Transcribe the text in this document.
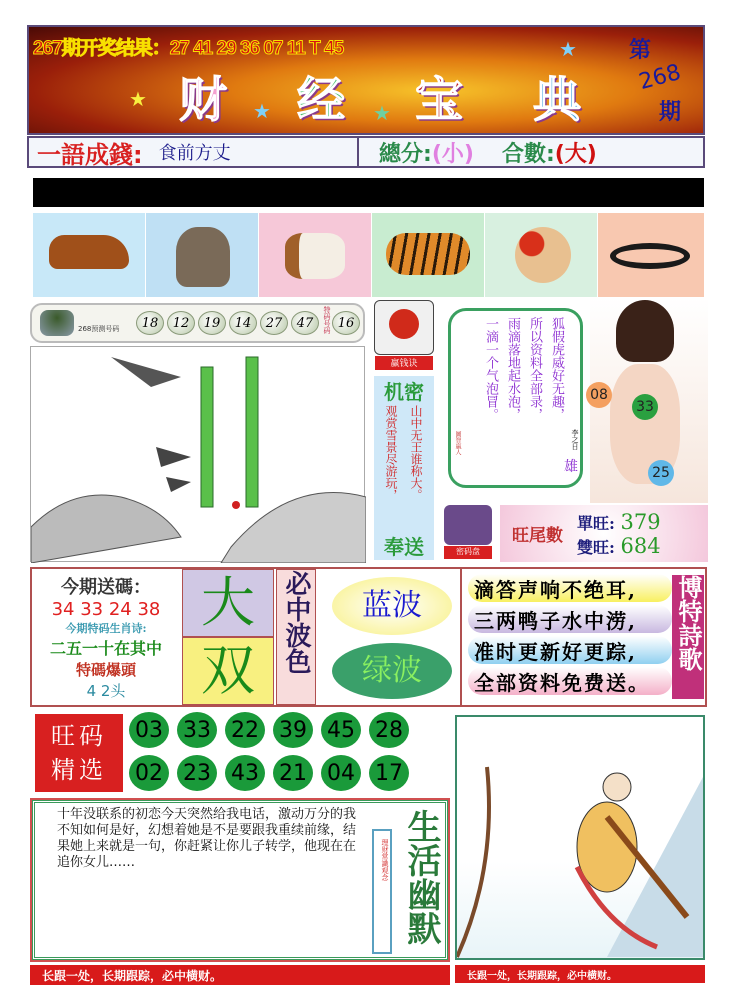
267期开奖结果：27 41 29 36 07 11 T 45
财 经 宝 典
★
★	★
★
第
268
期
一語成錢: 食前方丈	總分: (小) 合數: (大)
268预测号码	18	12	19	14	27	47	特码号码 16
赢钱诀
机密
观赏雪景尽游玩， 山中无王谁称大。
奉送	密码盘
狐假虎威好无趣，
所以资料全部录，
雨滴落地起水泡，
一滴一个气泡冒。
李之日
雄
圖智嬴人
08
33
25
旺尾數
單旺: 379
雙旺: 684
今期送碼：
34 33 24 38
今期特码生肖诗:
二五一十在其中
特碼爆頭
4 2头
大
双	必中波色	蓝波
绿波
滴答声响不绝耳,
三两鸭子水中涝,
准时更新好更踪,
全部资料免费送。
博特詩歌
旺码精选
03 33 22 39 45 28
02 23 43 21 04 17
十年没联系的初恋今天突然给我电话，激动万分的我不知如何是好，幻想着她是不是要跟我重续前缘，结果她上来就是一句，你赶紧让你儿子转学，他现在在追你女儿……	理财常識观念 生活幽默
长跟一处，长期跟踪，必中横财。	长跟一处，长期跟踪，必中横财。
